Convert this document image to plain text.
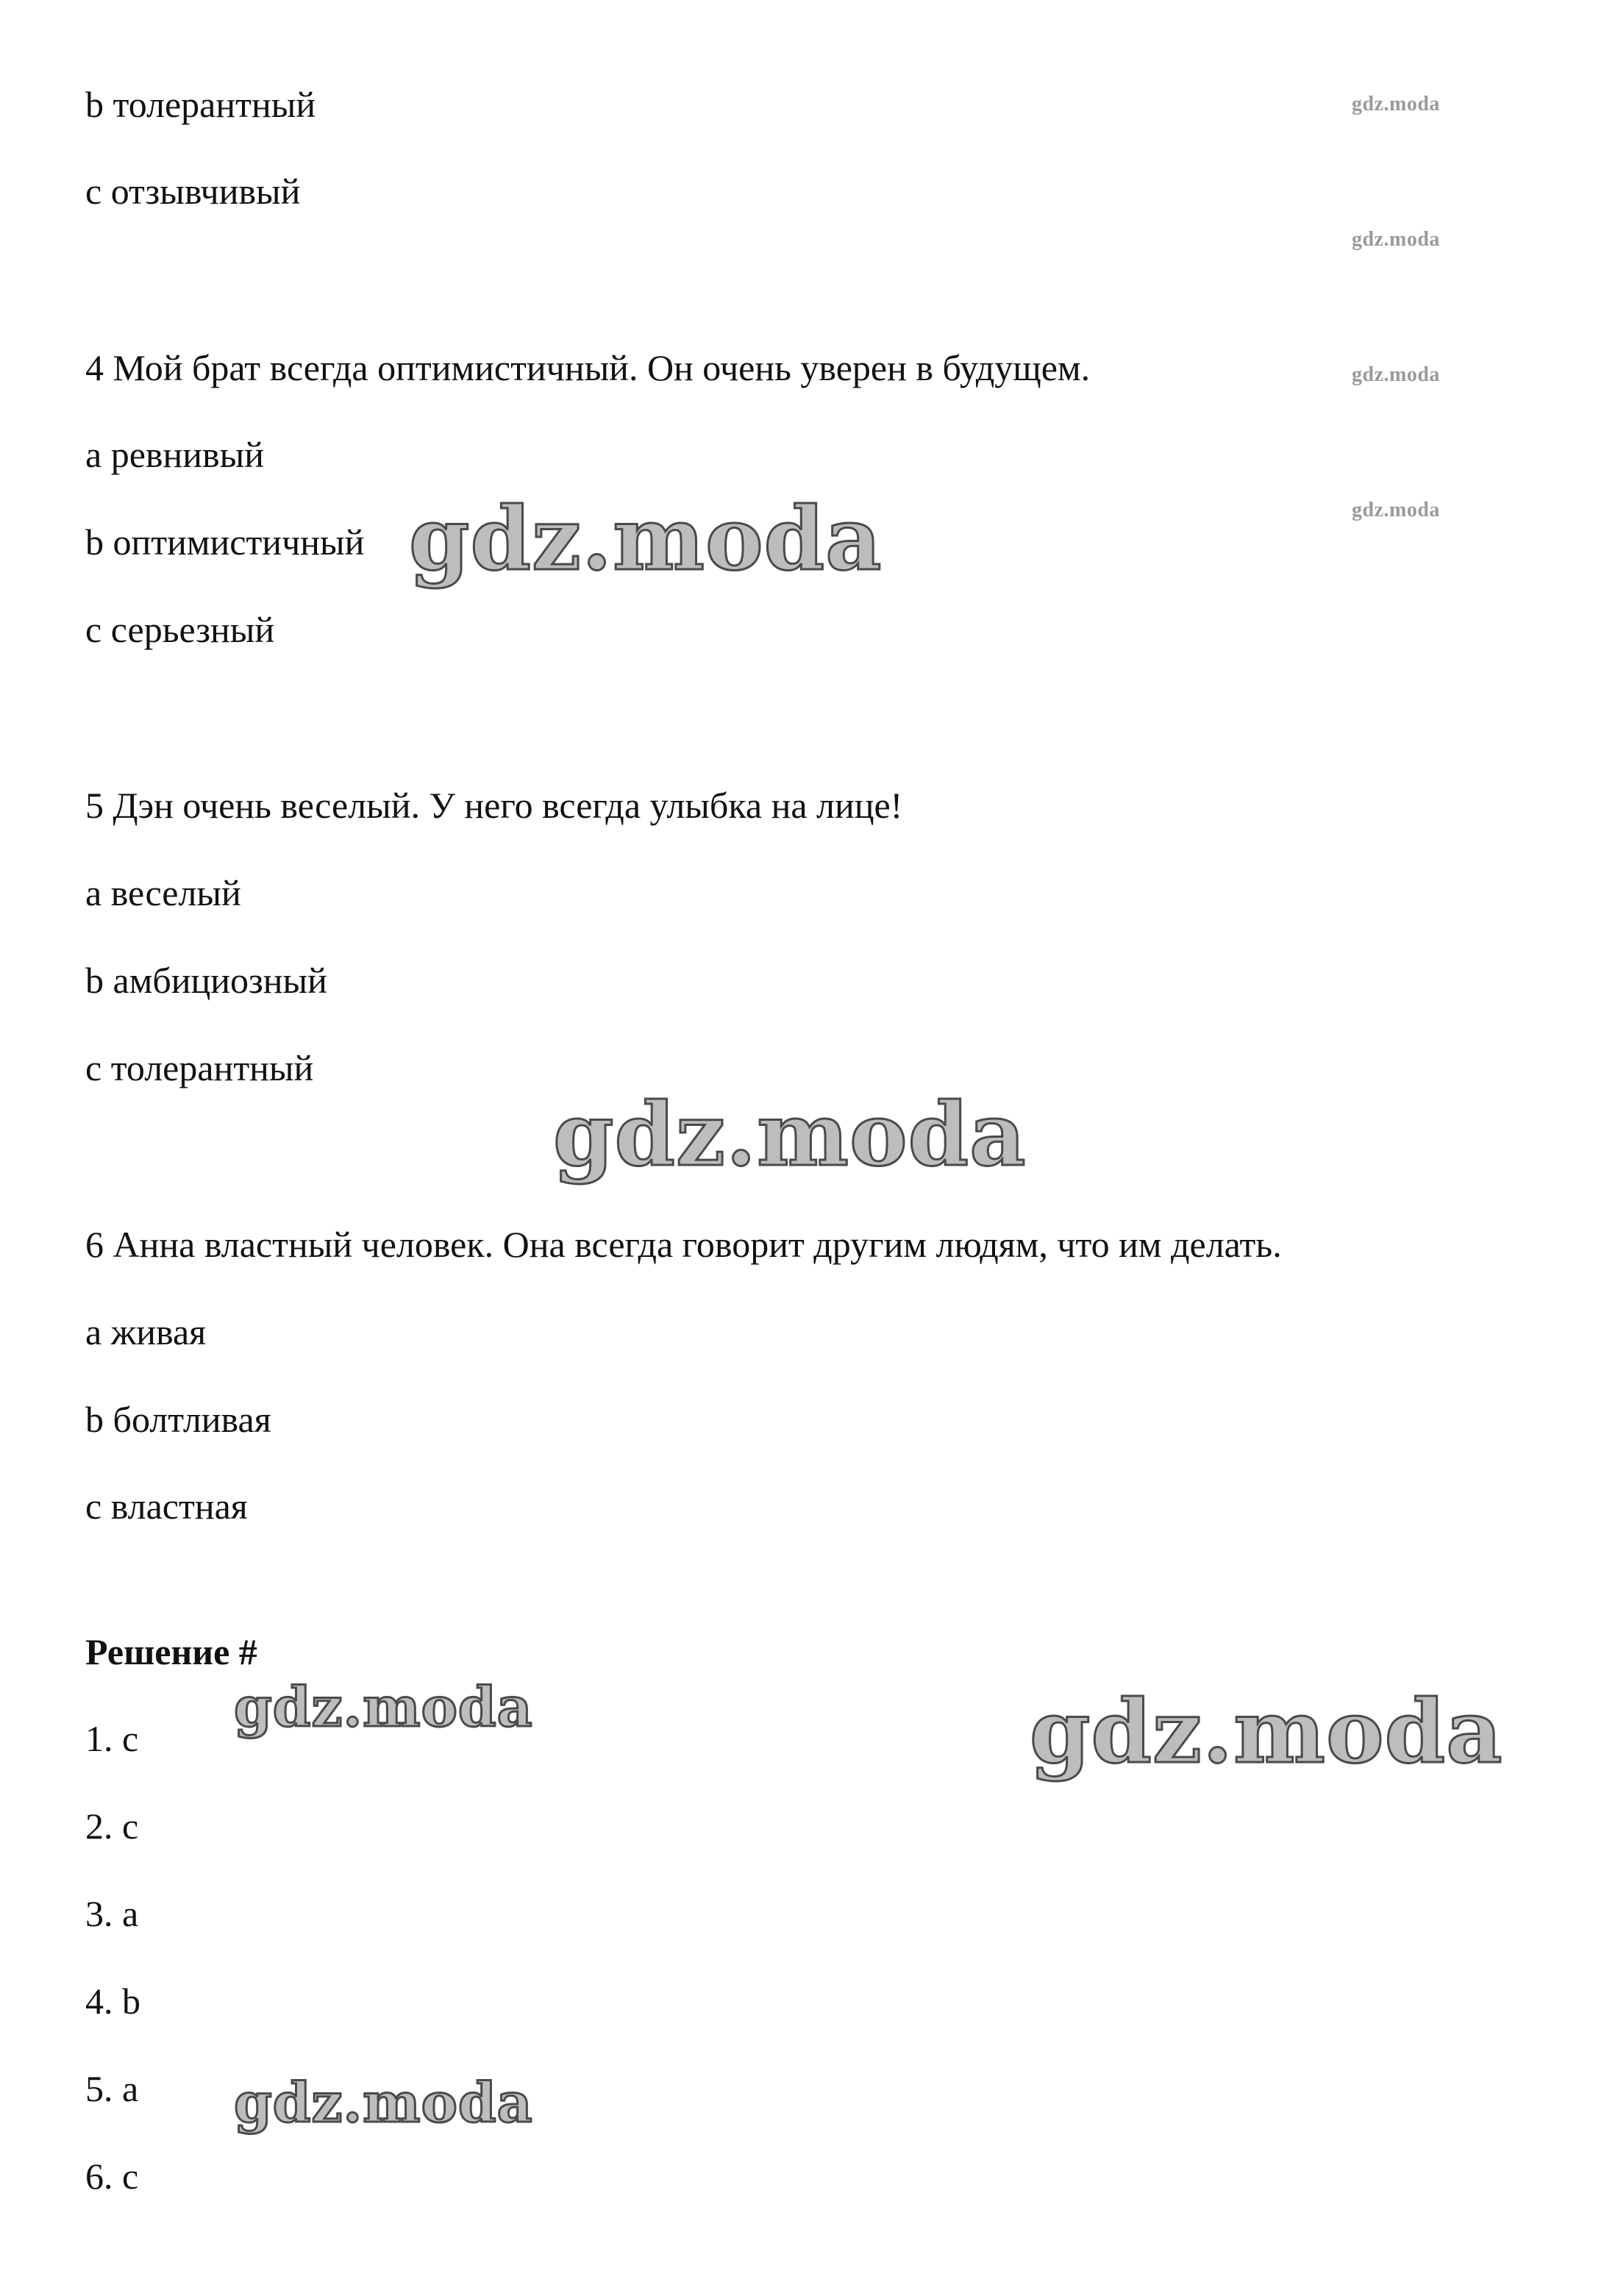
b толерантный
c отзывчивый
4 Мой брат всегда оптимистичный. Он очень уверен в будущем.
a ревнивый
b оптимистичный
c серьезный
5 Дэн очень веселый. У него всегда улыбка на лице!
a веселый
b амбициозный
c толерантный
6 Анна властный человек. Она всегда говорит другим людям, что им делать.
a живая
b болтливая
c властная
Решение #
1. c
2. c
3. a
4. b
5. a
6. c
gdz.moda
gdz.moda
gdz.moda
gdz.moda
gdz.moda
gdz.moda
gdz.moda
gdz.moda
gdz.moda
